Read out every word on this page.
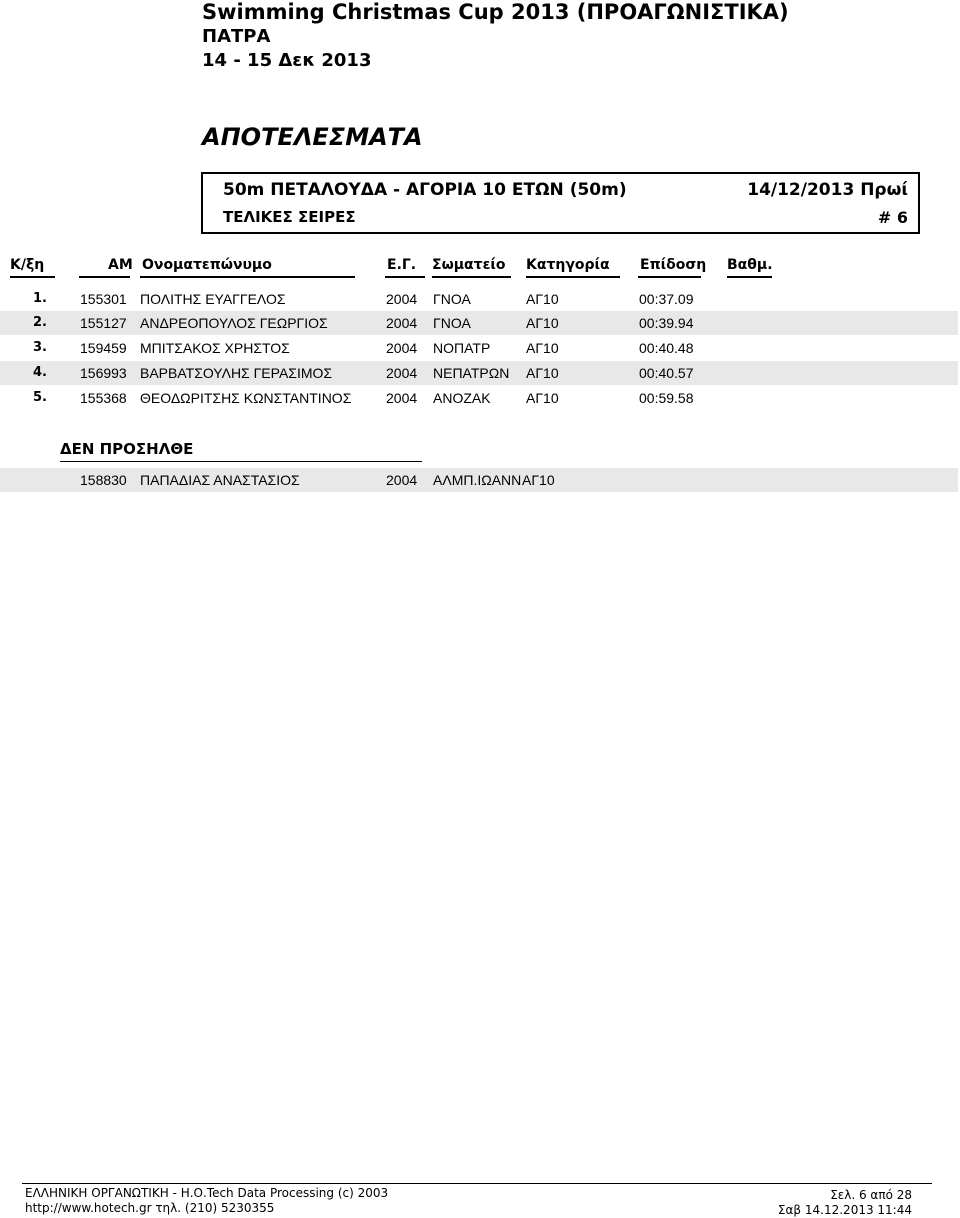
Swimming Christmas Cup 2013 (ΠΡΟΑΓΩΝΙΣΤΙΚΑ)
ΠΑΤΡΑ
14 - 15 Δεκ 2013
ΑΠΟΤΕΛΕΣΜΑΤΑ
50m ΠΕΤΑΛΟΥΔΑ - ΑΓΟΡΙΑ 10 ΕΤΩΝ (50m)	14/12/2013 Πρωί
ΤΕΛΙΚΕΣ ΣΕΙΡΕΣ	# 6
Κ/ξη	ΑΜ Ονοματεπώνυμο	Ε.Γ. Σωματείο Κατηγορία Επίδοση Βαθμ.
1. 155301 ΠΟΛΙΤΗΣ ΕΥΑΓΓΕΛΟΣ	2004 ΓΝΟΑ	ΑΓ10	00:37.09
2. 155127 ΑΝΔΡΕΟΠΟΥΛΟΣ ΓΕΩΡΓΙΟΣ	2004 ΓΝΟΑ	ΑΓ10	00:39.94
3. 159459 ΜΠΙΤΣΑΚΟΣ ΧΡΗΣΤΟΣ	2004 ΝΟΠΑΤΡ	ΑΓ10	00:40.48
4. 156993 ΒΑΡΒΑΤΣΟΥΛΗΣ ΓΕΡΑΣΙΜΟΣ	2004 ΝΕΠΑΤΡΩΝ ΑΓ10	00:40.57
5. 155368 ΘΕΟΔΩΡΙΤΣΗΣ ΚΩΝΣΤΑΝΤΙΝΟΣ 2004 ΑΝΟΖΑΚ	ΑΓ10	00:59.58
ΔΕΝ ΠΡΟΣΗΛΘΕ
158830 ΠΑΠΑΔΙΑΣ ΑΝΑΣΤΑΣΙΟΣ	2004 ΑΛΜΠ.ΙΩΑΝΝ ΑΓ10
ΕΛΛΗΝΙΚΗ ΟΡΓΑΝΩΤΙΚΗ - Η.Ο.Tech Data Processing (c) 2003
http://www.hotech.gr τηλ. (210) 5230355
Σελ. 6 από 28
Σαβ 14.12.2013 11:44
